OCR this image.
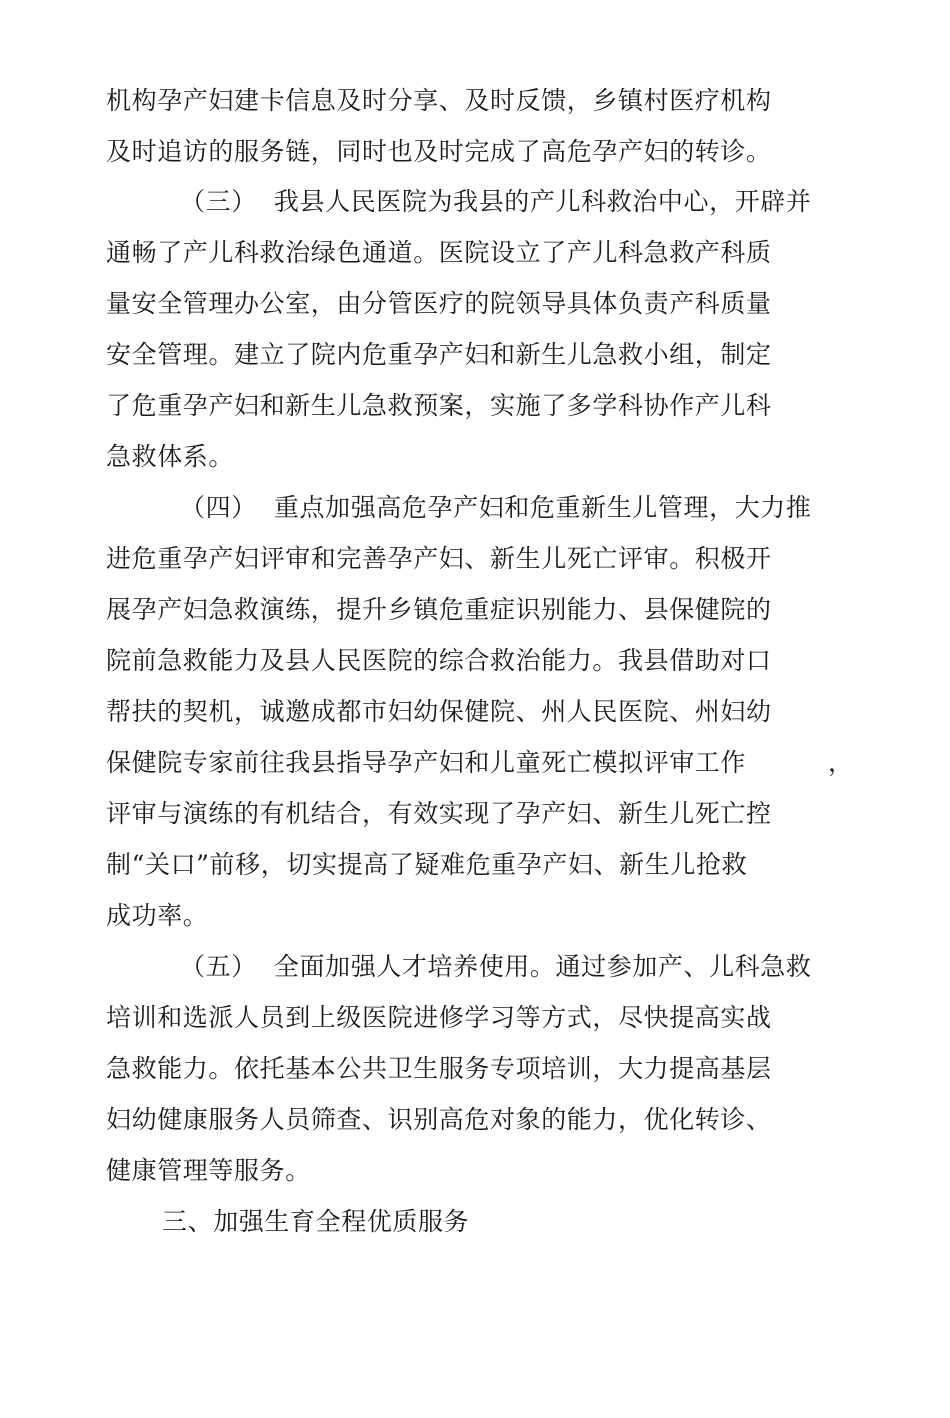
机构孕产妇建卡信息及时分享、及时反馈，乡镇村医疗机构
及时追访的服务链，同时也及时完成了高危孕产妇的转诊。
（三）  我县人民医院为我县的产儿科救治中心，开辟并
通畅了产儿科救治绿色通道。医院设立了产儿科急救产科质
量安全管理办公室，由分管医疗的院领导具体负责产科质量
安全管理。建立了院内危重孕产妇和新生儿急救小组，制定
了危重孕产妇和新生儿急救预案，实施了多学科协作产儿科
急救体系。
（四）  重点加强高危孕产妇和危重新生儿管理，大力推
进危重孕产妇评审和完善孕产妇、新生儿死亡评审。积极开
展孕产妇急救演练，提升乡镇危重症识别能力、县保健院的
院前急救能力及县人民医院的综合救治能力。我县借助对口
帮扶的契机，诚邀成都市妇幼保健院、州人民医院、州妇幼
保健院专家前往我县指导孕产妇和儿童死亡模拟评审工作	，
评审与演练的有机结合，有效实现了孕产妇、新生儿死亡控
制“关口”前移，切实提高了疑难危重孕产妇、新生儿抢救
成功率。
（五）  全面加强人才培养使用。通过参加产、儿科急救
培训和选派人员到上级医院进修学习等方式，尽快提高实战
急救能力。依托基本公共卫生服务专项培训，大力提高基层
妇幼健康服务人员筛查、识别高危对象的能力，优化转诊、
健康管理等服务。
三、加强生育全程优质服务
